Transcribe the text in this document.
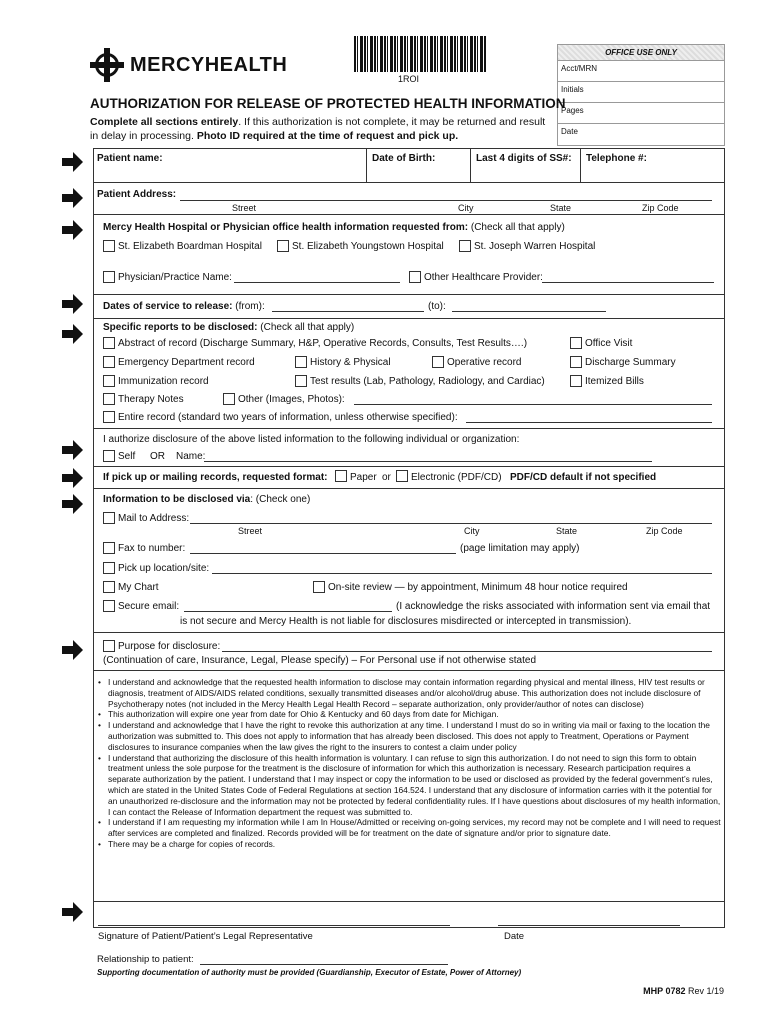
MERCYHEALTH
1ROI
OFFICE USE ONLY
Acct/MRN
Initials
Pages
Date
AUTHORIZATION FOR RELEASE OF PROTECTED HEALTH INFORMATION
Complete all sections entirely. If this authorization is not complete, it may be returned and result in delay in processing. Photo ID required at the time of request and pick up.
Patient name:	Date of Birth:	Last 4 digits of SS#: Telephone #:
Patient Address:
Street	City	State	Zip Code
Mercy Health Hospital or Physician office health information requested from: (Check all that apply)
St. Elizabeth Boardman Hospital	St. Elizabeth Youngstown Hospital	St. Joseph Warren Hospital
Physician/Practice Name:	Other Healthcare Provider:
Dates of service to release: (from):	(to):
Specific reports to be disclosed: (Check all that apply)
Abstract of record (Discharge Summary, H&P, Operative Records, Consults, Test Results….)	Office Visit
Emergency Department record	History & Physical	Operative record	Discharge Summary
Immunization record	Test results (Lab, Pathology, Radiology, and Cardiac)	Itemized Bills
Therapy Notes	Other (Images, Photos):
Entire record (standard two years of information, unless otherwise specified):
I authorize disclosure of the above listed information to the following individual or organization:
Self OR Name:
If pick up or mailing records, requested format: Paper or Electronic (PDF/CD) PDF/CD default if not specified
Information to be disclosed via: (Check one)
Mail to Address:
Street	City	State	Zip Code
Fax to number:	(page limitation may apply)
Pick up location/site:
My Chart	On-site review — by appointment, Minimum 48 hour notice required
Secure email:	(I acknowledge the risks associated with information sent via email that
is not secure and Mercy Health is not liable for disclosures misdirected or intercepted in transmission).
Purpose for disclosure:
(Continuation of care, Insurance, Legal, Please specify) – For Personal use if not otherwise stated
• I understand and acknowledge that the requested health information to disclose may contain information regarding physical and mental illness, HIV test results or diagnosis, treatment of AIDS/AIDS related conditions, sexually transmitted diseases and/or alcohol/drug abuse. This authorization does not include disclosure of Psychotherapy notes (not included in the Mercy Health Legal Health Record – separate authorization, only provider/author of notes can disclose)
• This authorization will expire one year from date for Ohio & Kentucky and 60 days from date for Michigan.
• I understand and acknowledge that I have the right to revoke this authorization at any time. I understand I must do so in writing via mail or faxing to the location the authorization was submitted to. This does not apply to information that has already been disclosed. This does not apply to Treatment, Operations or Payment disclosures to insurance companies when the law gives the right to the insurers to contest a claim under policy
• I understand that authorizing the disclosure of this health information is voluntary. I can refuse to sign this authorization. I do not need to sign this form to obtain treatment unless the sole purpose for the treatment is the disclosure of information for which this authorization is necessary. Research participation requires a separate authorization by the patient. I understand that I may inspect or copy the information to be used or disclosed as provided by the federal government’s rules, which are stated in the United States Code of Federal Regulations at section 164.524. I understand that any disclosure of information carries with it the potential for an unauthorized re-disclosure and the information may not be protected by federal confidentiality rules. If I have questions about disclosures of my health information, I can contact the Release of Information department the request was submitted to.
• I understand if I am requesting my information while I am In House/Admitted or receiving on-going services, my record may not be complete and I will need to request after services are completed and finalized. Records provided will be for treatment on the date of signature and/or prior to signature date.
• There may be a charge for copies of records.
Signature of Patient/Patient’s Legal Representative	Date
Relationship to patient:
Supporting documentation of authority must be provided (Guardianship, Executor of Estate, Power of Attorney)
MHP 0782 Rev 1/19
